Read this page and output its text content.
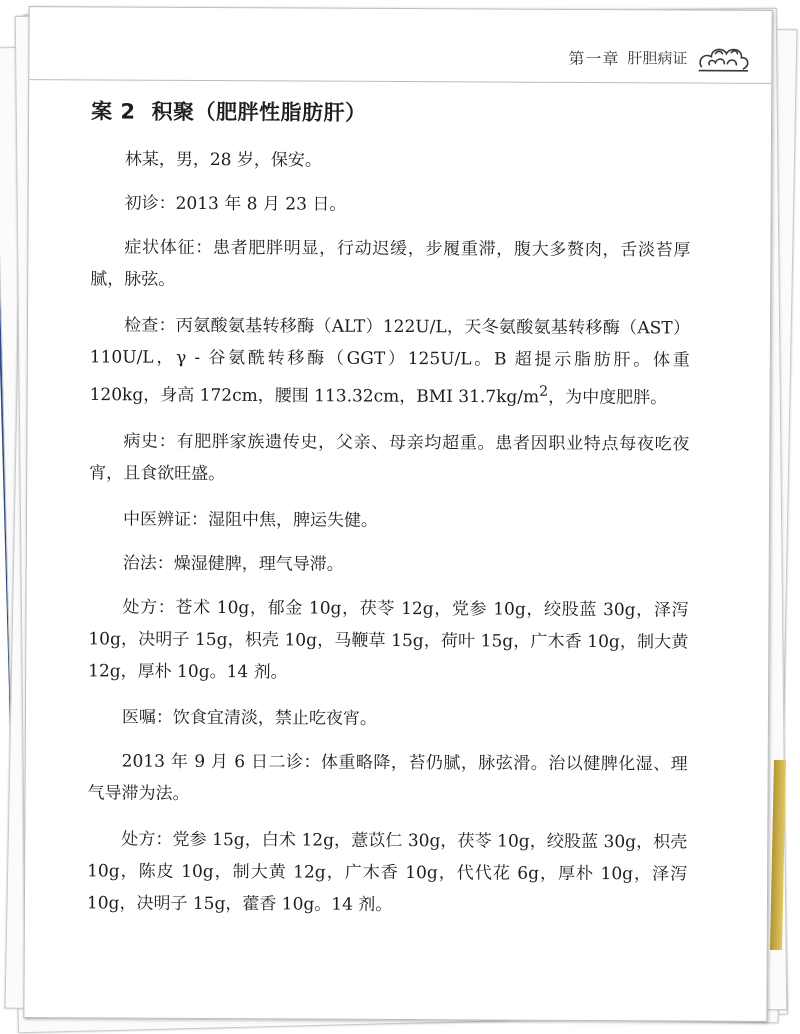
第一章 肝胆病证
案 2 积聚（肥胖性脂肪肝）

林某，男，28 岁，保安。

初诊：2013 年 8 月 23 日。

症状体征：患者肥胖明显，行动迟缓，步履重滞，腹大多赘肉，舌淡苔厚腻，脉弦。

检查：丙氨酸氨基转移酶（ALT）122U/L，天冬氨酸氨基转移酶（AST）110U/L，γ - 谷氨酰转移酶（GGT）125U/L。B 超提示脂肪肝。体重 120kg，身高 172cm，腰围 113.32cm，BMI $31.7kg/m^2$，为中度肥胖。

病史：有肥胖家族遗传史，父亲、母亲均超重。患者因职业特点每夜吃夜宵，且食欲旺盛。

中医辨证：湿阻中焦，脾运失健。

治法：燥湿健脾，理气导滞。

处方：苍术 10g，郁金 10g，茯苓 12g，党参 10g，绞股蓝 30g，泽泻 10g，决明子 15g，枳壳 10g，马鞭草 15g，荷叶 15g，广木香 10g，制大黄 12g，厚朴 10g。14 剂。

医嘱：饮食宜清淡，禁止吃夜宵。

2013 年 9 月 6 日二诊：体重略降，苔仍腻，脉弦滑。治以健脾化湿、理气导滞为法。

处方：党参 15g，白术 12g，薏苡仁 30g，茯苓 10g，绞股蓝 30g，枳壳 10g，陈皮 10g，制大黄 12g，广木香 10g，代代花 6g，厚朴 10g，泽泻 10g，决明子 15g，藿香 10g。14 剂。
